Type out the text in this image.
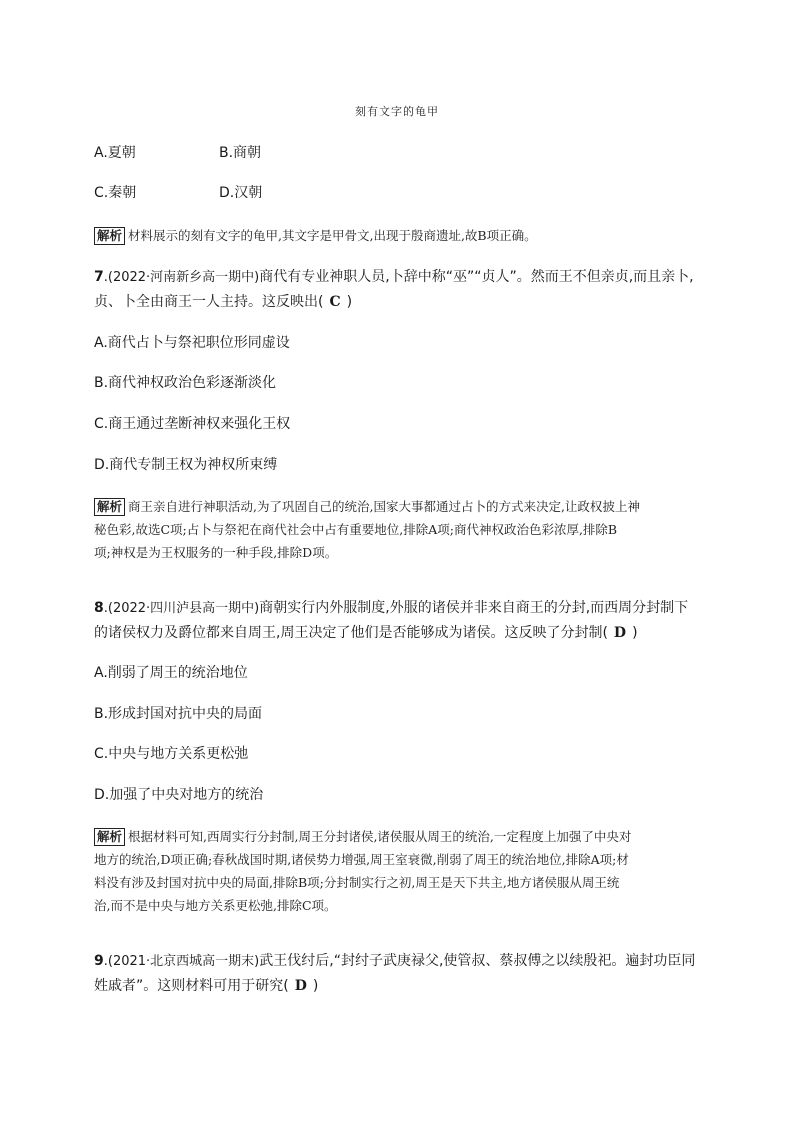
刻有文字的龟甲
A.夏朝	B.商朝
C.秦朝	D.汉朝
解析 材料展示的刻有文字的龟甲,其文字是甲骨文,出现于殷商遗址,故B项正确。
7.(2022·河南新乡高一期中)商代有专业神职人员,卜辞中称“巫”“贞人”。然而王不但亲贞,而且亲卜,
贞、卜全由商王一人主持。这反映出( C )
A.商代占卜与祭祀职位形同虚设
B.商代神权政治色彩逐渐淡化
C.商王通过垄断神权来强化王权
D.商代专制王权为神权所束缚
解析 商王亲自进行神职活动,为了巩固自己的统治,国家大事都通过占卜的方式来决定,让政权披上神
秘色彩,故选C项;占卜与祭祀在商代社会中占有重要地位,排除A项;商代神权政治色彩浓厚,排除B
项;神权是为王权服务的一种手段,排除D项。
8.(2022·四川泸县高一期中)商朝实行内外服制度,外服的诸侯并非来自商王的分封,而西周分封制下
的诸侯权力及爵位都来自周王,周王决定了他们是否能够成为诸侯。这反映了分封制( D )
A.削弱了周王的统治地位
B.形成封国对抗中央的局面
C.中央与地方关系更松弛
D.加强了中央对地方的统治
解析 根据材料可知,西周实行分封制,周王分封诸侯,诸侯服从周王的统治,一定程度上加强了中央对
地方的统治,D项正确;春秋战国时期,诸侯势力增强,周王室衰微,削弱了周王的统治地位,排除A项;材
料没有涉及封国对抗中央的局面,排除B项;分封制实行之初,周王是天下共主,地方诸侯服从周王统
治,而不是中央与地方关系更松弛,排除C项。
9.(2021·北京西城高一期末)武王伐纣后,“封纣子武庚禄父,使管叔、蔡叔傅之以续殷祀。遍封功臣同
姓戚者”。这则材料可用于研究( D )
